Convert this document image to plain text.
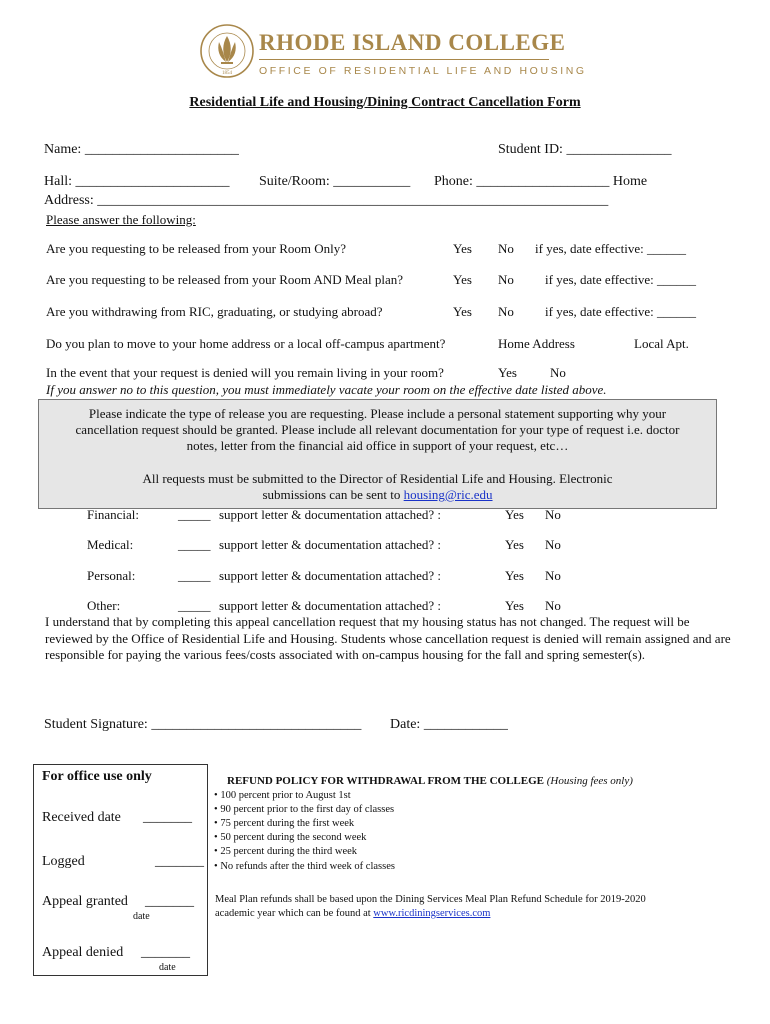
1854
RHODE ISLAND COLLEGE
OFFICE OF RESIDENTIAL LIFE AND HOUSING
Residential Life and Housing/Dining Contract Cancellation Form
Name: ______________________	Student ID: _______________
Hall: ______________________ Suite/Room: ___________ Phone: ___________________ Home
Address: _________________________________________________________________________
Please answer the following:
Are you requesting to be released from your Room Only?	Yes No if yes, date effective: ______
Are you requesting to be released from your Room AND Meal plan?	Yes No if yes, date effective: ______
Are you withdrawing from RIC, graduating, or studying abroad?	Yes No if yes, date effective: ______
Do you plan to move to your home address or a local off-campus apartment?	Home Address	Local Apt.
In the event that your request is denied will you remain living in your room?	Yes	No
If you answer no to this question, you must immediately vacate your room on the effective date listed above.
Please indicate the type of release you are requesting. Please include a personal statement supporting why your
cancellation request should be granted. Please include all relevant documentation for your type of request i.e. doctor
notes, letter from the financial aid office in support of your request, etc…
All requests must be submitted to the Director of Residential Life and Housing. Electronic
submissions can be sent to housing@ric.edu
Financial:	_____ support letter & documentation attached? :	Yes No
Medical:	_____ support letter & documentation attached? :	Yes No
Personal:	_____ support letter & documentation attached? :	Yes No
Other:	_____ support letter & documentation attached? :	Yes No
I understand that by completing this appeal cancellation request that my housing status has not changed. The request will be reviewed by the Office of Residential Life and Housing. Students whose cancellation request is denied will remain assigned and are responsible for paying the various fees/costs associated with on-campus housing for the fall and spring semester(s).
Student Signature: ______________________________ Date: ____________
For office use only
Received date _______
Logged	_______
Appeal granted _______
date
Appeal denied _______
date
REFUND POLICY FOR WITHDRAWAL FROM THE COLLEGE (Housing fees only)
• 100 percent prior to August 1st
• 90 percent prior to the first day of classes
• 75 percent during the first week
• 50 percent during the second week
• 25 percent during the third week
• No refunds after the third week of classes
Meal Plan refunds shall be based upon the Dining Services Meal Plan Refund Schedule for 2019-2020
academic year which can be found at www.ricdiningservices.com
